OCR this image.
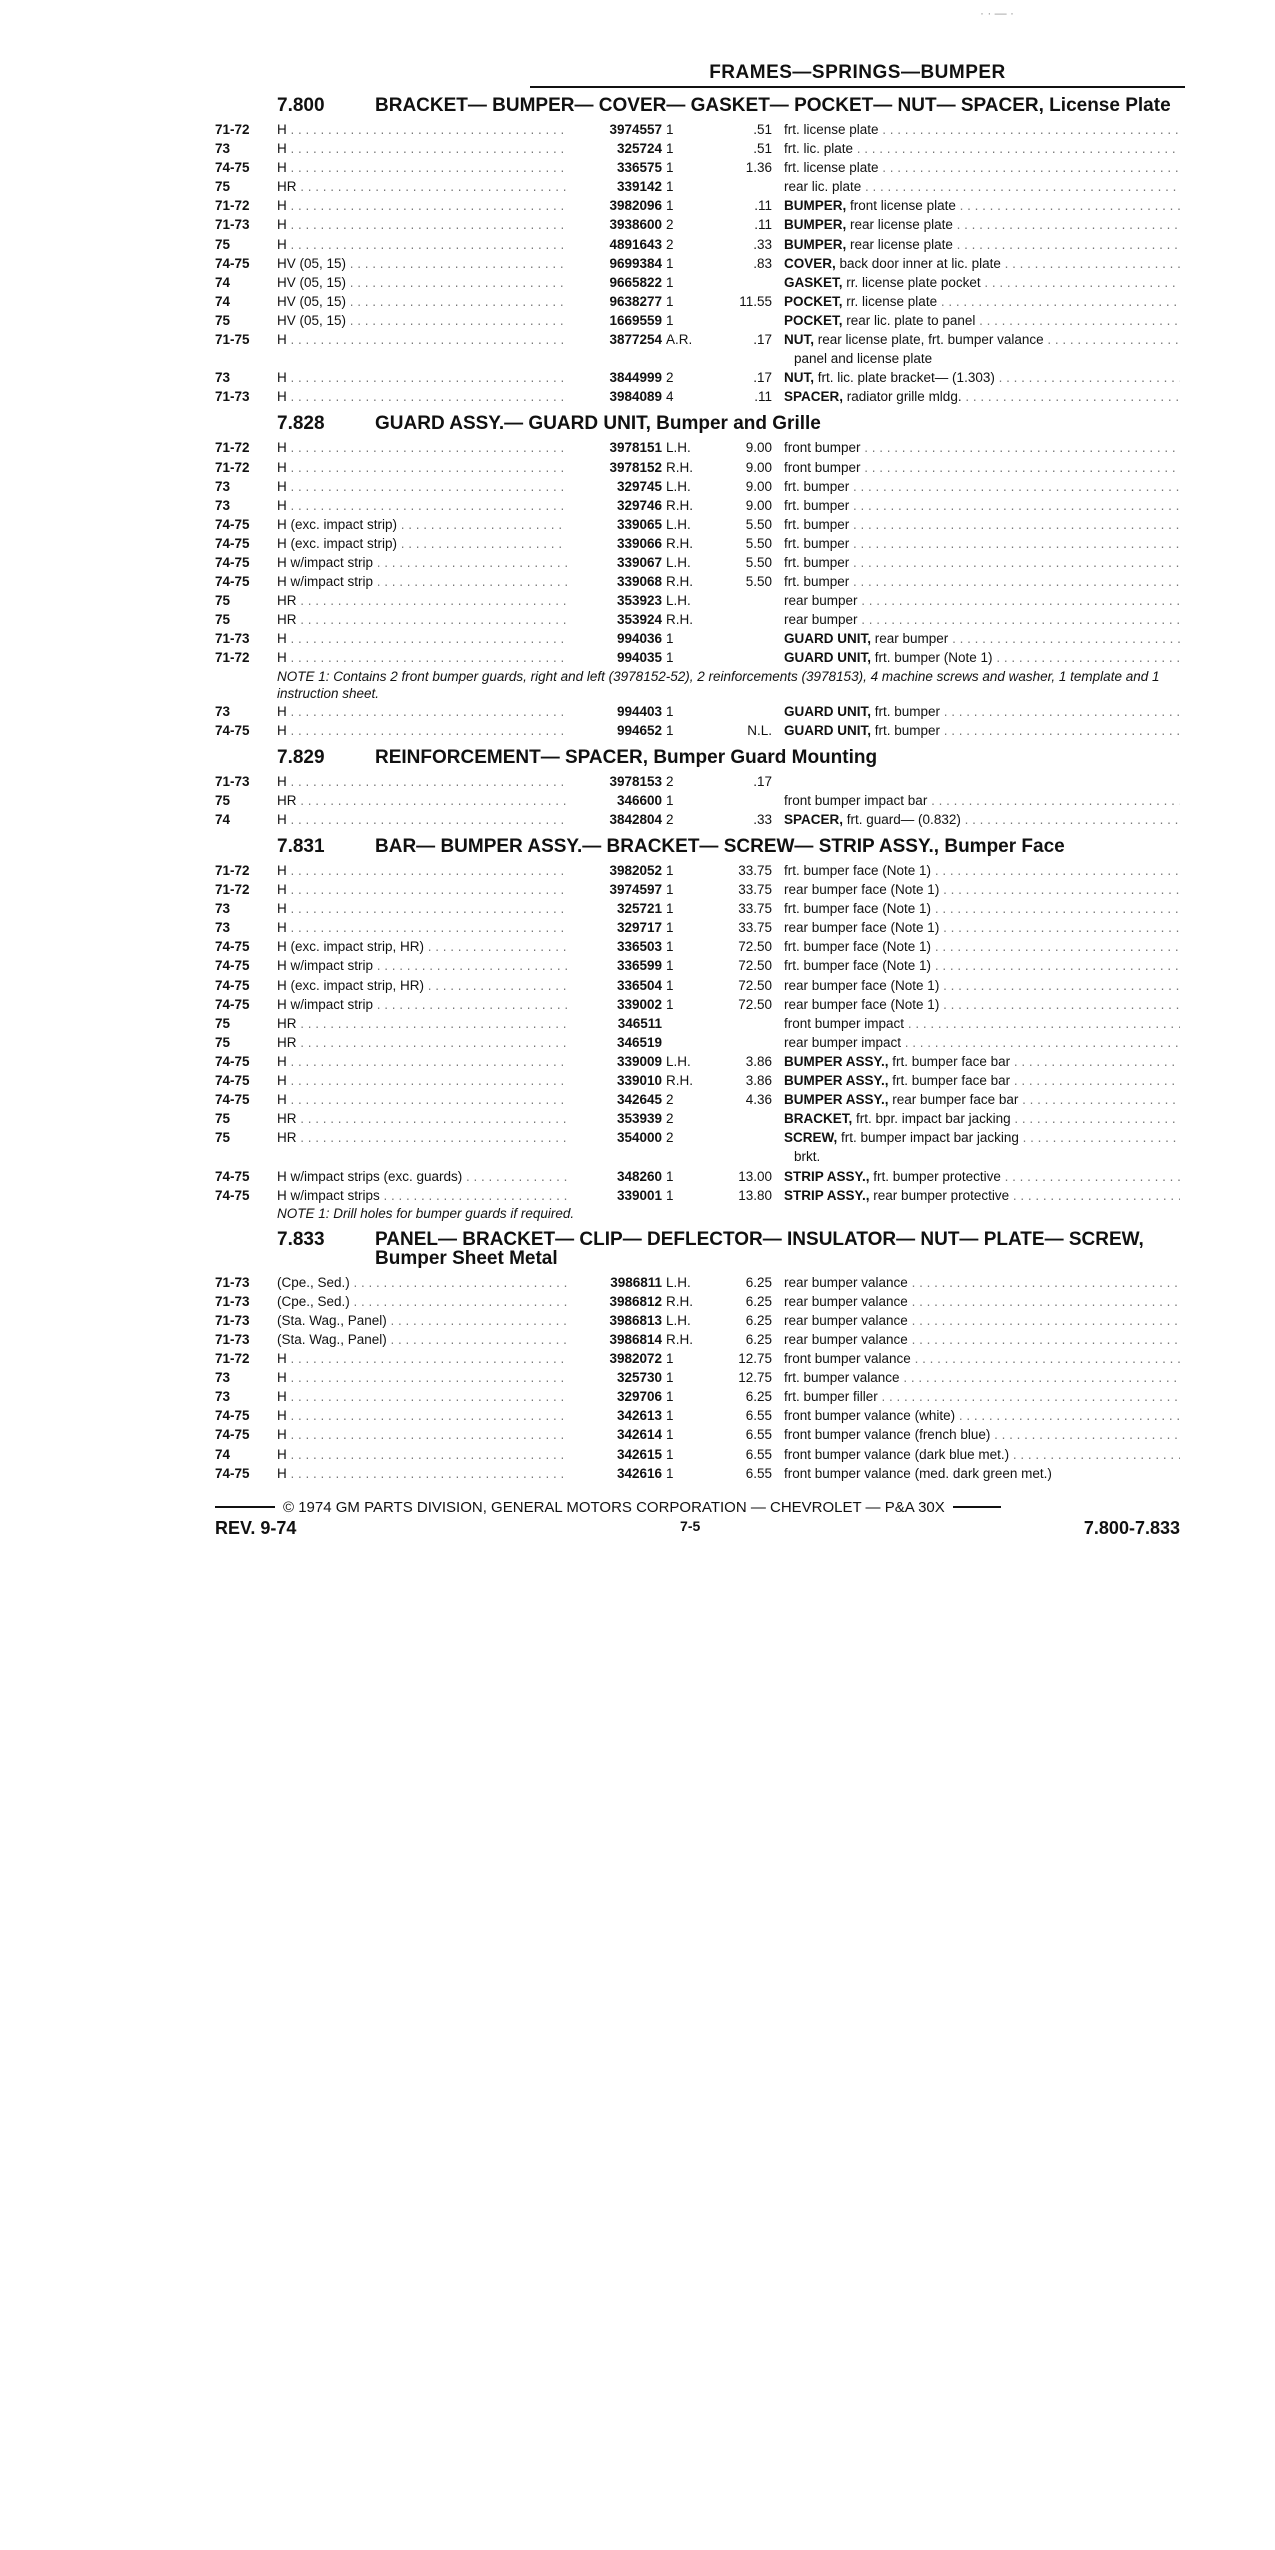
FRAMES—SPRINGS—BUMPER
7.800	BRACKET— BUMPER— COVER— GASKET— POCKET— NUT— SPACER, License Plate
71-72	H . . .	3974557 1	.51 frt. license plate . . .
73	H . . .	325724 1	.51 frt. lic. plate . . .
74-75	H . . .	336575 1	1.36 frt. license plate . . .
75	HR . . .	339142 1	rear lic. plate . . .
71-72	H . . .	3982096 1	.11 BUMPER, front license plate . . .
71-73	H . . .	3938600 2	.11 BUMPER, rear license plate . . .
75	H . . .	4891643 2	.33 BUMPER, rear license plate . . .
74-75	HV (05, 15) . . .	9699384 1	.83 COVER, back door inner at lic. plate . . .
74	HV (05, 15) . . .	9665822 1	GASKET, rr. license plate pocket . . .
74	HV (05, 15) . . .	9638277 1	11.55 POCKET, rr. license plate . . .
75	HV (05, 15) . . .	1669559 1	POCKET, rear lic. plate to panel . . .
71-75	H . . .	3877254 A.R.	.17 NUT, rear license plate, frt. bumper valance . . .
panel and license plate
73	H . . .	3844999 2	.17 NUT, frt. lic. plate bracket— (1.303) . . .
71-73	H . . .	3984089 4	.11 SPACER, radiator grille mldg. . . .
7.828	GUARD ASSY.— GUARD UNIT, Bumper and Grille
71-72	H . . .	3978151 L.H.	9.00 front bumper . . .
71-72	H . . .	3978152 R.H.	9.00 front bumper . . .
73	H . . .	329745 L.H.	9.00 frt. bumper . . .
73	H . . .	329746 R.H.	9.00 frt. bumper . . .
74-75	H (exc. impact strip) . . .	339065 L.H.	5.50 frt. bumper . . .
74-75	H (exc. impact strip) . . .	339066 R.H.	5.50 frt. bumper . . .
74-75	H w/impact strip . . .	339067 L.H.	5.50 frt. bumper . . .
74-75	H w/impact strip . . .	339068 R.H.	5.50 frt. bumper . . .
75	HR . . .	353923 L.H.	rear bumper . . .
75	HR . . .	353924 R.H.	rear bumper . . .
71-73	H . . .	994036 1	GUARD UNIT, rear bumper . . .
71-72	H . . .	994035 1	GUARD UNIT, frt. bumper (Note 1) . . .
NOTE 1: Contains 2 front bumper guards, right and left (3978152-52), 2 reinforcements (3978153), 4 machine screws and washer, 1 template and 1 instruction sheet.
73	H . . .	994403 1	GUARD UNIT, frt. bumper . . .
74-75	H . . .	994652 1	N.L. GUARD UNIT, frt. bumper . . .
7.829	REINFORCEMENT— SPACER, Bumper Guard Mounting
71-73	H . . .	3978153 2	.17
75	HR . . .	346600 1	front bumper impact bar . . .
74	H . . .	3842804 2	.33 SPACER, frt. guard— (0.832) . . .
7.831	BAR— BUMPER ASSY.— BRACKET— SCREW— STRIP ASSY., Bumper Face
71-72	H . . .	3982052 1	33.75 frt. bumper face (Note 1) . . .
71-72	H . . .	3974597 1	33.75 rear bumper face (Note 1) . . .
73	H . . .	325721 1	33.75 frt. bumper face (Note 1) . . .
73	H . . .	329717 1	33.75 rear bumper face (Note 1) . . .
74-75	H (exc. impact strip, HR) . . .	336503 1	72.50 frt. bumper face (Note 1) . . .
74-75	H w/impact strip . . .	336599 1	72.50 frt. bumper face (Note 1) . . .
74-75	H (exc. impact strip, HR) . . .	336504 1	72.50 rear bumper face (Note 1) . . .
74-75	H w/impact strip . . .	339002 1	72.50 rear bumper face (Note 1) . . .
75	HR . . .	346511	front bumper impact . . .
75	HR . . .	346519	rear bumper impact . . .
74-75	H . . .	339009 L.H.	3.86 BUMPER ASSY., frt. bumper face bar . . .
74-75	H . . .	339010 R.H.	3.86 BUMPER ASSY., frt. bumper face bar . . .
74-75	H . . .	342645 2	4.36 BUMPER ASSY., rear bumper face bar . . .
75	HR . . .	353939 2	BRACKET, frt. bpr. impact bar jacking . . .
75	HR . . .	354000 2	SCREW, frt. bumper impact bar jacking . . .
brkt.
74-75	H w/impact strips (exc. guards) . . .	348260 1	13.00 STRIP ASSY., frt. bumper protective . . .
74-75	H w/impact strips . . .	339001 1	13.80 STRIP ASSY., rear bumper protective . . .
NOTE 1: Drill holes for bumper guards if required.
7.833	PANEL— BRACKET— CLIP— DEFLECTOR— INSULATOR— NUT— PLATE— SCREW, Bumper Sheet Metal
71-73	(Cpe., Sed.) . . .	3986811 L.H.	6.25 rear bumper valance . . .
71-73	(Cpe., Sed.) . . .	3986812 R.H.	6.25 rear bumper valance . . .
71-73	(Sta. Wag., Panel) . . .	3986813 L.H.	6.25 rear bumper valance . . .
71-73	(Sta. Wag., Panel) . . .	3986814 R.H.	6.25 rear bumper valance . . .
71-72	H . . .	3982072 1	12.75 front bumper valance . . .
73	H . . .	325730 1	12.75 frt. bumper valance . . .
73	H . . .	329706 1	6.25 frt. bumper filler . . .
74-75	H . . .	342613 1	6.55 front bumper valance (white) . . .
74-75	H . . .	342614 1	6.55 front bumper valance (french blue) . . .
74	H . . .	342615 1	6.55 front bumper valance (dark blue met.) . . .
74-75	H . . .	342616 1	6.55 front bumper valance (med. dark green met.)
© 1974 GM PARTS DIVISION, GENERAL MOTORS CORPORATION — CHEVROLET — P&A 30X
REV. 9-74	7-5	7.800-7.833
· · — ·
